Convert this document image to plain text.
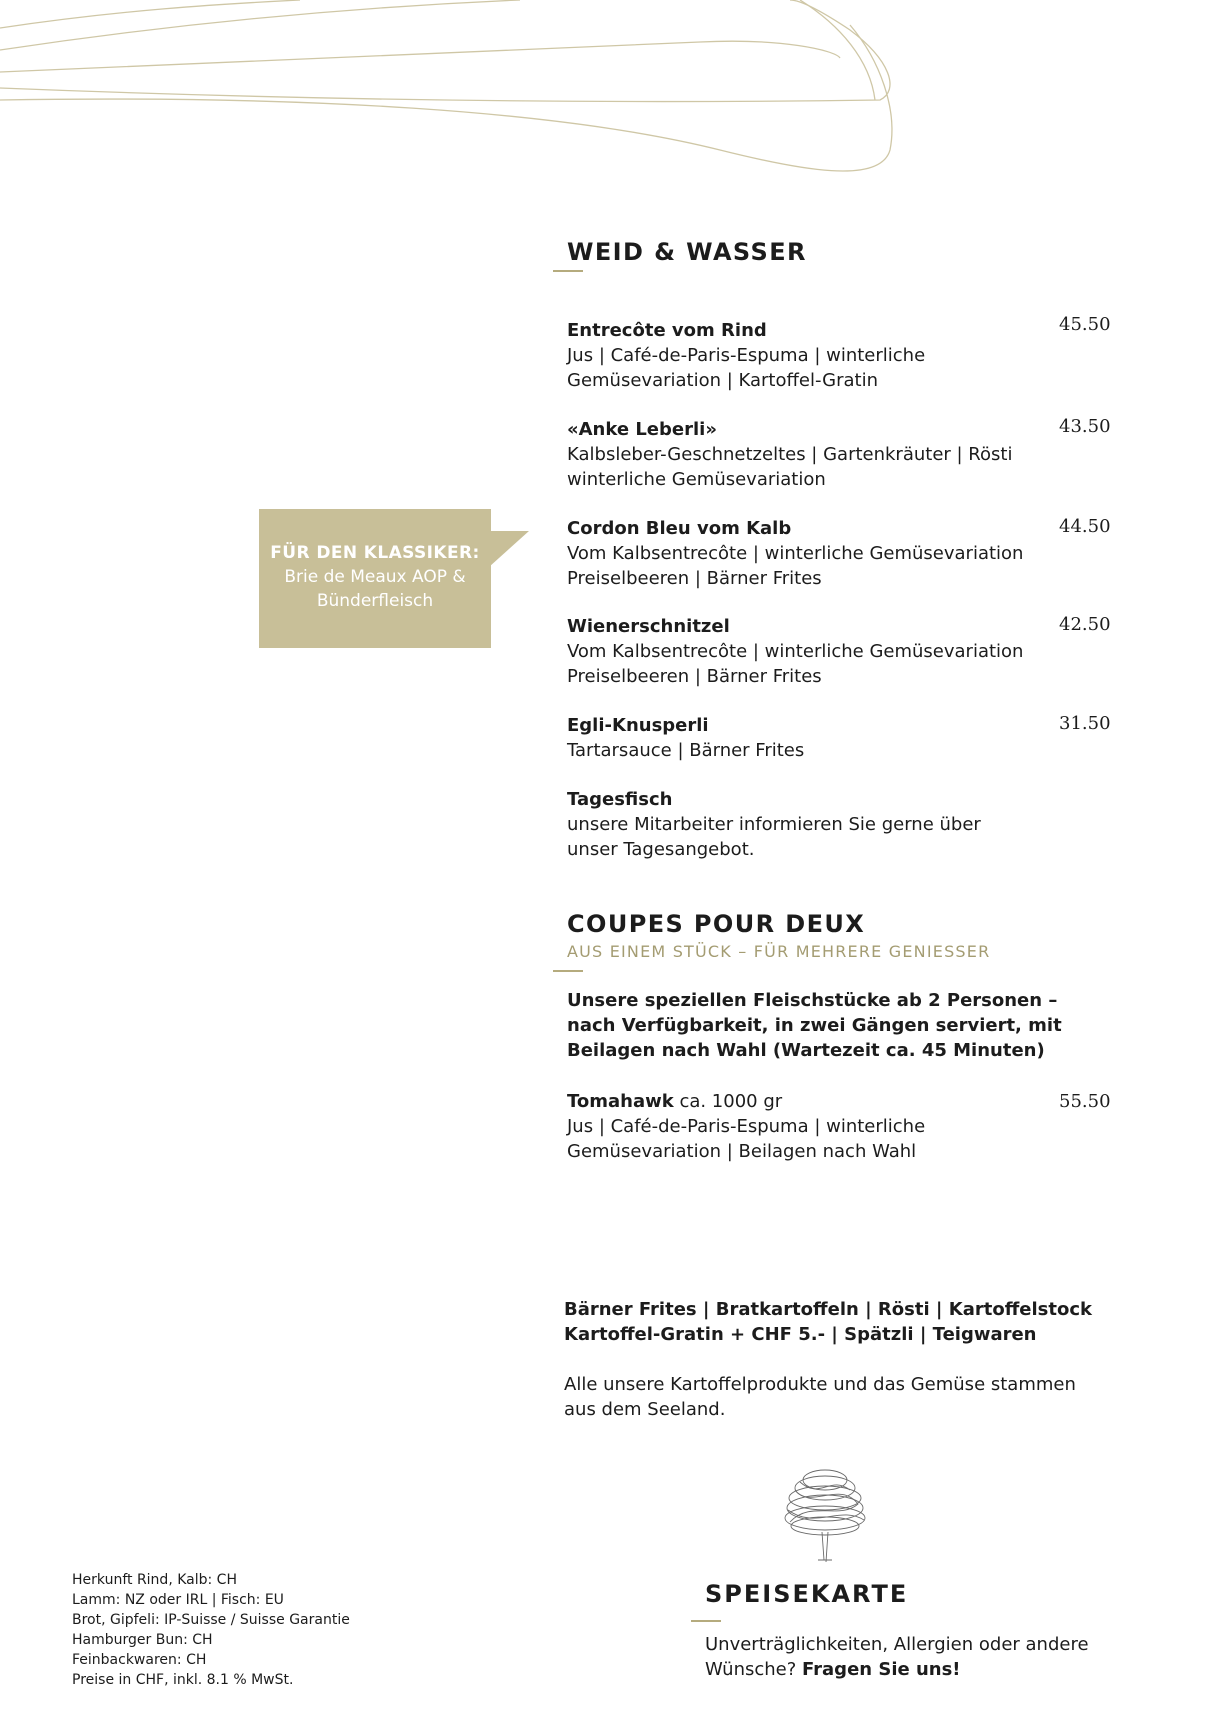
WEID & WASSER
Entrecôte vom Rind
Jus | Café-de-Paris-Espuma | winterliche
Gemüsevariation | Kartoffel-Gratin
45.50
«Anke Leberli»
Kalbsleber-Geschnetzeltes | Gartenkräuter | Rösti
winterliche Gemüsevariation
43.50
Cordon Bleu vom Kalb
Vom Kalbsentrecôte | winterliche Gemüsevariation
Preiselbeeren | Bärner Frites
44.50
Wienerschnitzel
Vom Kalbsentrecôte | winterliche Gemüsevariation
Preiselbeeren | Bärner Frites
42.50
Egli-Knusperli
Tartarsauce | Bärner Frites
31.50
Tagesfisch
unsere Mitarbeiter informieren Sie gerne über
unser Tagesangebot.
FÜR DEN KLASSIKER:
Brie de Meaux AOP &
Bünderfleisch
COUPES POUR DEUX
AUS EINEM STÜCK – FÜR MEHRERE GENIESSER
Unsere speziellen Fleischstücke ab 2 Personen –
nach Verfügbarkeit, in zwei Gängen serviert, mit
Beilagen nach Wahl (Wartezeit ca. 45 Minuten)
Tomahawk ca. 1000 gr
Jus | Café-de-Paris-Espuma | winterliche
Gemüsevariation | Beilagen nach Wahl
55.50
Bärner Frites | Bratkartoffeln | Rösti | Kartoffelstock
Kartoffel-Gratin + CHF 5.- | Spätzli | Teigwaren
Alle unsere Kartoffelprodukte und das Gemüse stammen
aus dem Seeland.
Herkunft Rind, Kalb: CH
Lamm: NZ oder IRL | Fisch: EU
Brot, Gipfeli: IP-Suisse / Suisse Garantie
Hamburger Bun: CH
Feinbackwaren: CH
Preise in CHF, inkl. 8.1 % MwSt.
SPEISEKARTE
Unverträglichkeiten, Allergien oder andere
Wünsche? Fragen Sie uns!
